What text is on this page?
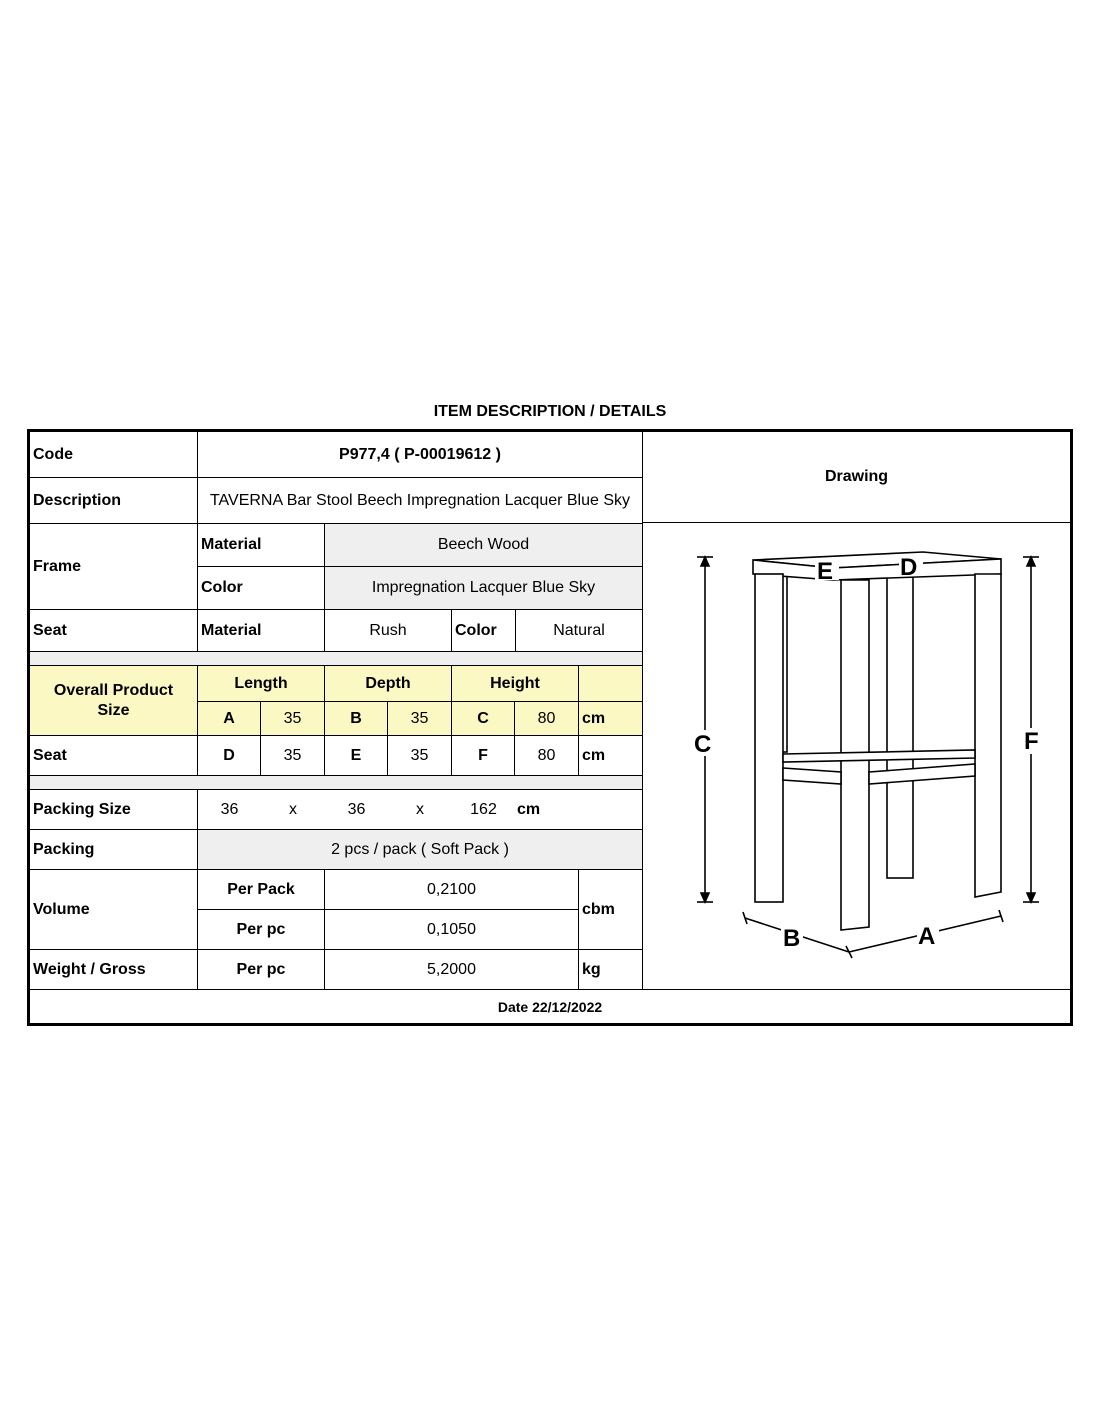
ITEM DESCRIPTION / DETAILS
Code	P977,4 ( P-00019612 )
Description	TAVERNA Bar Stool Beech Impregnation Lacquer Blue Sky
Drawing
Frame
Material	Beech Wood
Color	Impregnation Lacquer Blue Sky
Seat	Material	Rush	Color	Natural
Overall Product Size
Length	Depth	Height
A	35	B	35	C	80	cm
Seat	D	35	E	35	F	80	cm
Packing Size	36	x	36	x	162	cm
Packing	2 pcs / pack ( Soft Pack )
Volume
Per Pack	0,2100
Per pc	0,1050
cbm
Weight / Gross	Per pc	5,2000	kg
Date 22/12/2022
E	D
C	F
B	A
